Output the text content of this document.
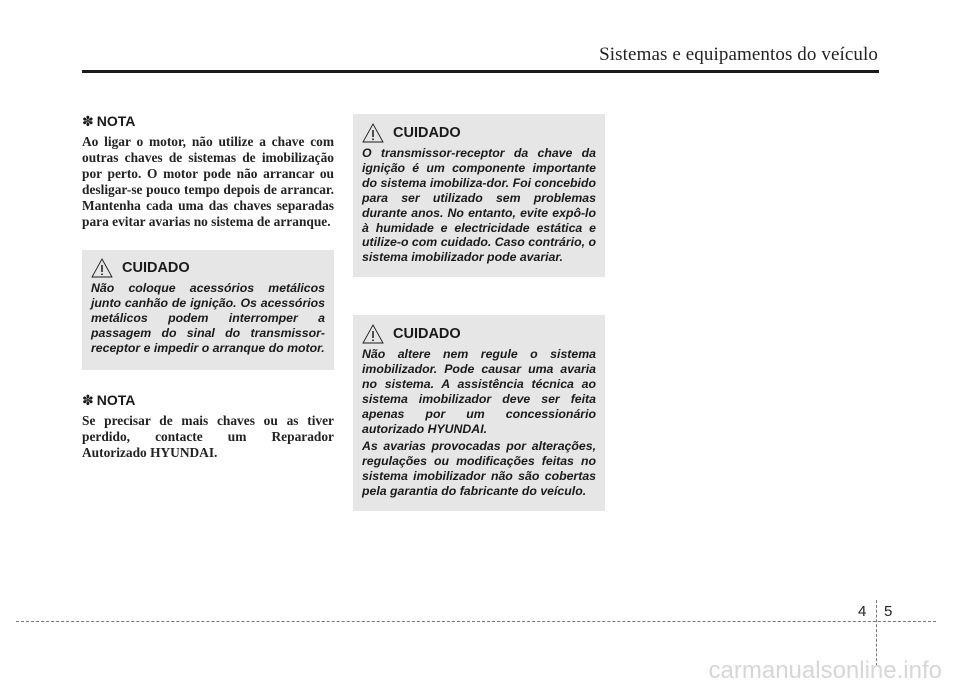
Sistemas e equipamentos do veículo
✽ NOTA
Ao ligar o motor, não utilize a chave com outras chaves de sistemas de imobilização por perto. O motor pode não arrancar ou desligar-se pouco tempo depois de arrancar. Mantenha cada uma das chaves separadas para evitar avarias no sistema de arranque.
CUIDADO

Não coloque acessórios metálicos junto canhão de ignição. Os acessórios metálicos podem interromper a passagem do sinal do transmissor-receptor e impedir o arranque do motor.

✽ NOTA
Se precisar de mais chaves ou as tiver perdido, contacte um Reparador Autorizado HYUNDAI.
CUIDADO

O transmissor-receptor da chave da ignição é um componente importante do sistema imobiliza-dor. Foi concebido para ser utilizado sem problemas durante anos. No entanto, evite expô-lo à humidade e electricidade estática e utilize-o com cuidado. Caso contrário, o sistema imobilizador pode avariar.

CUIDADO

Não altere nem regule o sistema imobilizador. Pode causar uma avaria no sistema. A assistência técnica ao sistema imobilizador deve ser feita apenas por um concessionário autorizado HYUNDAI.

As avarias provocadas por alterações, regulações ou modificações feitas no sistema imobilizador não são cobertas pela garantia do fabricante do veículo.

4 5
carmanualsonline.info
